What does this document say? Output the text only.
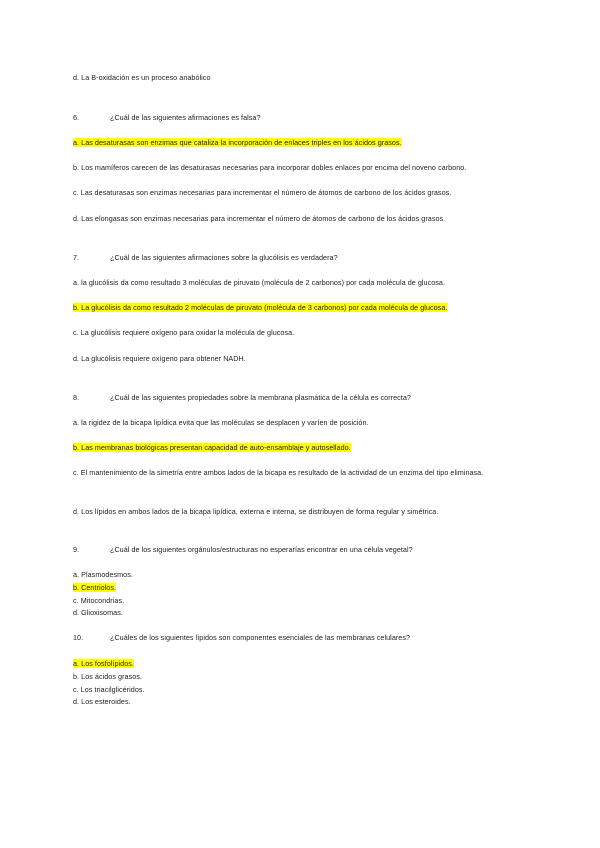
d. La B-oxidación es un proceso anabólico
6.	¿Cuál de las siguientes afirmaciones es falsa?
a. Las desaturasas son enzimas que cataliza la incorporación de enlaces triples en los ácidos grasos.
b. Los mamíferos carecen de las desaturasas necesarias para incorporar dobles enlaces por encima del noveno carbono.
c. Las desaturasas son enzimas necesarias para incrementar el número de átomos de carbono de los ácidos grasos.
d. Las elongasas son enzimas necesarias para incrementar el número de átomos de carbono de los ácidos grasos.
7.	¿Cuál de las siguientes afirmaciones sobre la glucólisis es verdadera?
a. la glucólisis da como resultado 3 moléculas de piruvato (molécula de 2 carbonos) por cada molécula de glucosa.
b. La glucólisis da como resultado 2 moléculas de piruvato (molécula de 3 carbonos) por cada molécula de glucosa.
c. La glucólisis requiere oxígeno para oxidar la molécula de glucosa.
d. La glucólisis requiere oxígeno para obtener NADH.
8.	¿Cuál de las siguientes propiedades sobre la membrana plasmática de la célula es correcta?
a. la rigidez de la bicapa lipídica evita que las moléculas se desplacen y varíen de posición.
b. Las membranas biológicas presentan capacidad de auto-ensamblaje y autosellado.
c. El mantenimiento de la simetría entre ambos lados de la bicapa es resultado de la actividad de un enzima del tipo eliminasa.
d. Los lípidos en ambos lados de la bicapa lipídica, externa e interna, se distribuyen de forma regular y simétrica.
9.	¿Cuál de los siguientes orgánulos/estructuras no esperarías encontrar en una célula vegetal?
a. Plasmodesmos.
b. Centriolos.
c. Mitocondrias.
d. Glioxisomas.
10.	¿Cuáles de los siguientes lípidos son componentes esenciales de las membranas celulares?
a. Los fosfolípidos.
b. Los ácidos grasos.
c. Los triacilglicéridos.
d. Los esteroides.
